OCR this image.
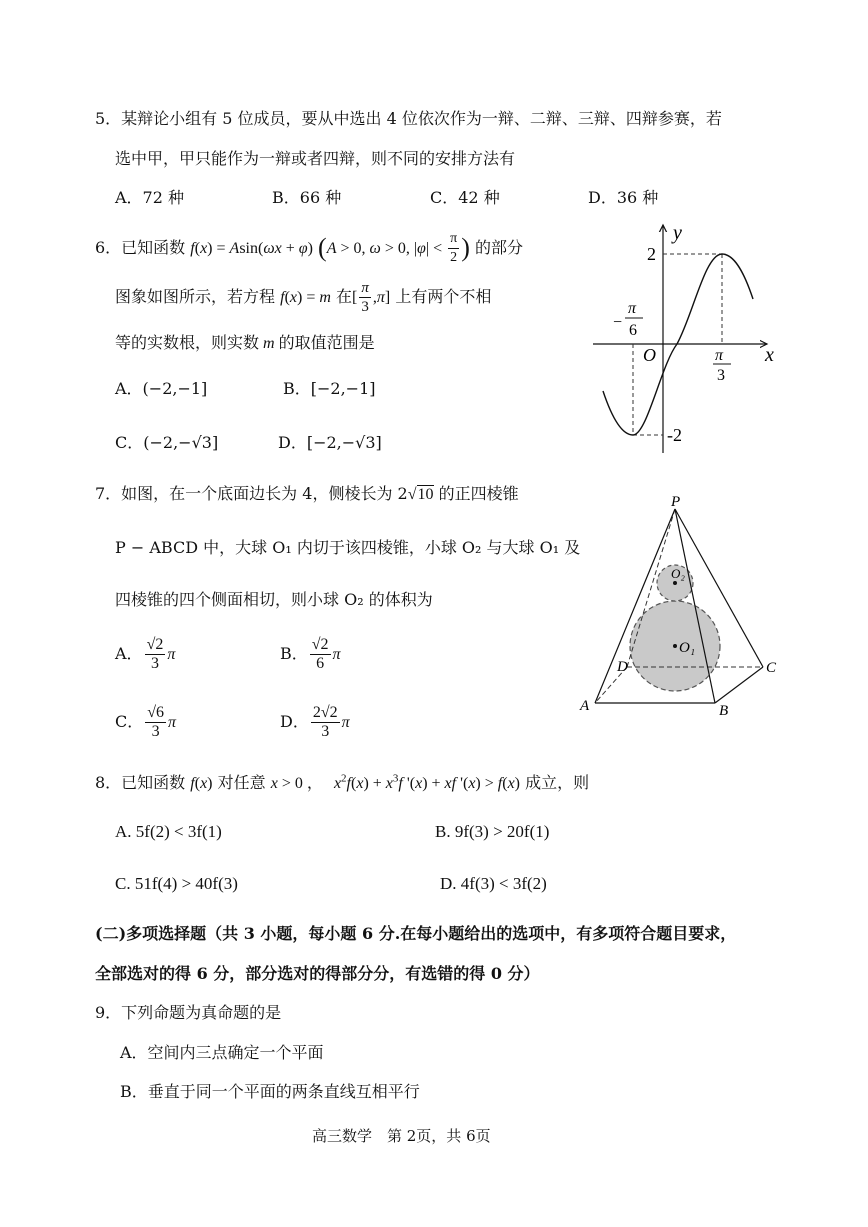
5．某辩论小组有 5 位成员，要从中选出 4 位依次作为一辩、二辩、三辩、四辩参赛，若
选中甲，甲只能作为一辩或者四辩，则不同的安排方法有
A．72 种	B．66 种	C．42 种	D．36 种
6．已知函数 f(x) = Asin(ωx + φ) (A > 0, ω > 0, $|\varphi| < \frac{\pi}{2}$ ) 的部分
图象如图所示，若方程 f(x) = m 在[ $\frac{\pi}{3} ,\pi$] 上有两个不相
等的实数根，则实数 m 的取值范围是
A．(−2,−1]	B．[−2,−1]
C．(−2,−√3]	D．[−2,−√3]
y
x
O
2
-2
−
π
6
π
3
7．如图，在一个底面边长为 4，侧棱长为 2√10 的正四棱锥
P − ABCD 中，大球 O₁ 内切于该四棱锥，小球 O₂ 与大球 O₁ 及
四棱锥的四个侧面相切，则小球 O₂ 的体积为
A． $\frac{√2}{3}$ π	B． $\frac{√2}{6}$ π
C． $\frac{√6}{3}$ π	D． $\frac{2√2}{3}$ π
P
A	B
C
D
O₁
O₂
8．已知函数 f(x) 对任意 x > 0 ， $x^2f(x) + x^3f$ '(x) + xf '(x) > f(x) 成立，则
A. 5f(2) < 3f(1)	B. 9f(3) > 20f(1)
C. 51f(4) > 40f(3)	D. 4f(3) < 3f(2)
(二)多项选择题（共 3 小题，每小题 6 分.在每小题给出的选项中，有多项符合题目要求，
全部选对的得 6 分，部分选对的得部分分，有选错的得 0 分）
9．下列命题为真命题的是
A．空间内三点确定一个平面
B．垂直于同一个平面的两条直线互相平行
高三数学　第 2页，共 6页
